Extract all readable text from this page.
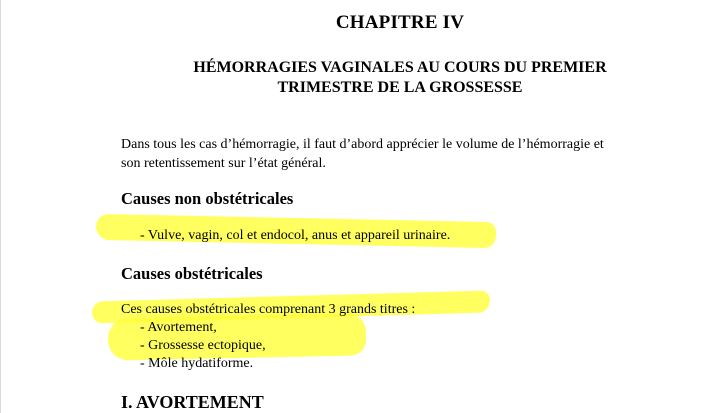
CHAPITRE IV
HÉMORRAGIES VAGINALES AU COURS DU PREMIER
TRIMESTRE DE LA GROSSESSE
Dans tous les cas d’hémorragie, il faut d’abord apprécier le volume de l’hémorragie et
son retentissement sur l’état général.
Causes non obstétricales
- Vulve, vagin, col et endocol, anus et appareil urinaire.
Causes obstétricales
Ces causes obstétricales comprenant 3 grands titres :
- Avortement,
- Grossesse ectopique,
- Môle hydatiforme.
I. AVORTEMENT
